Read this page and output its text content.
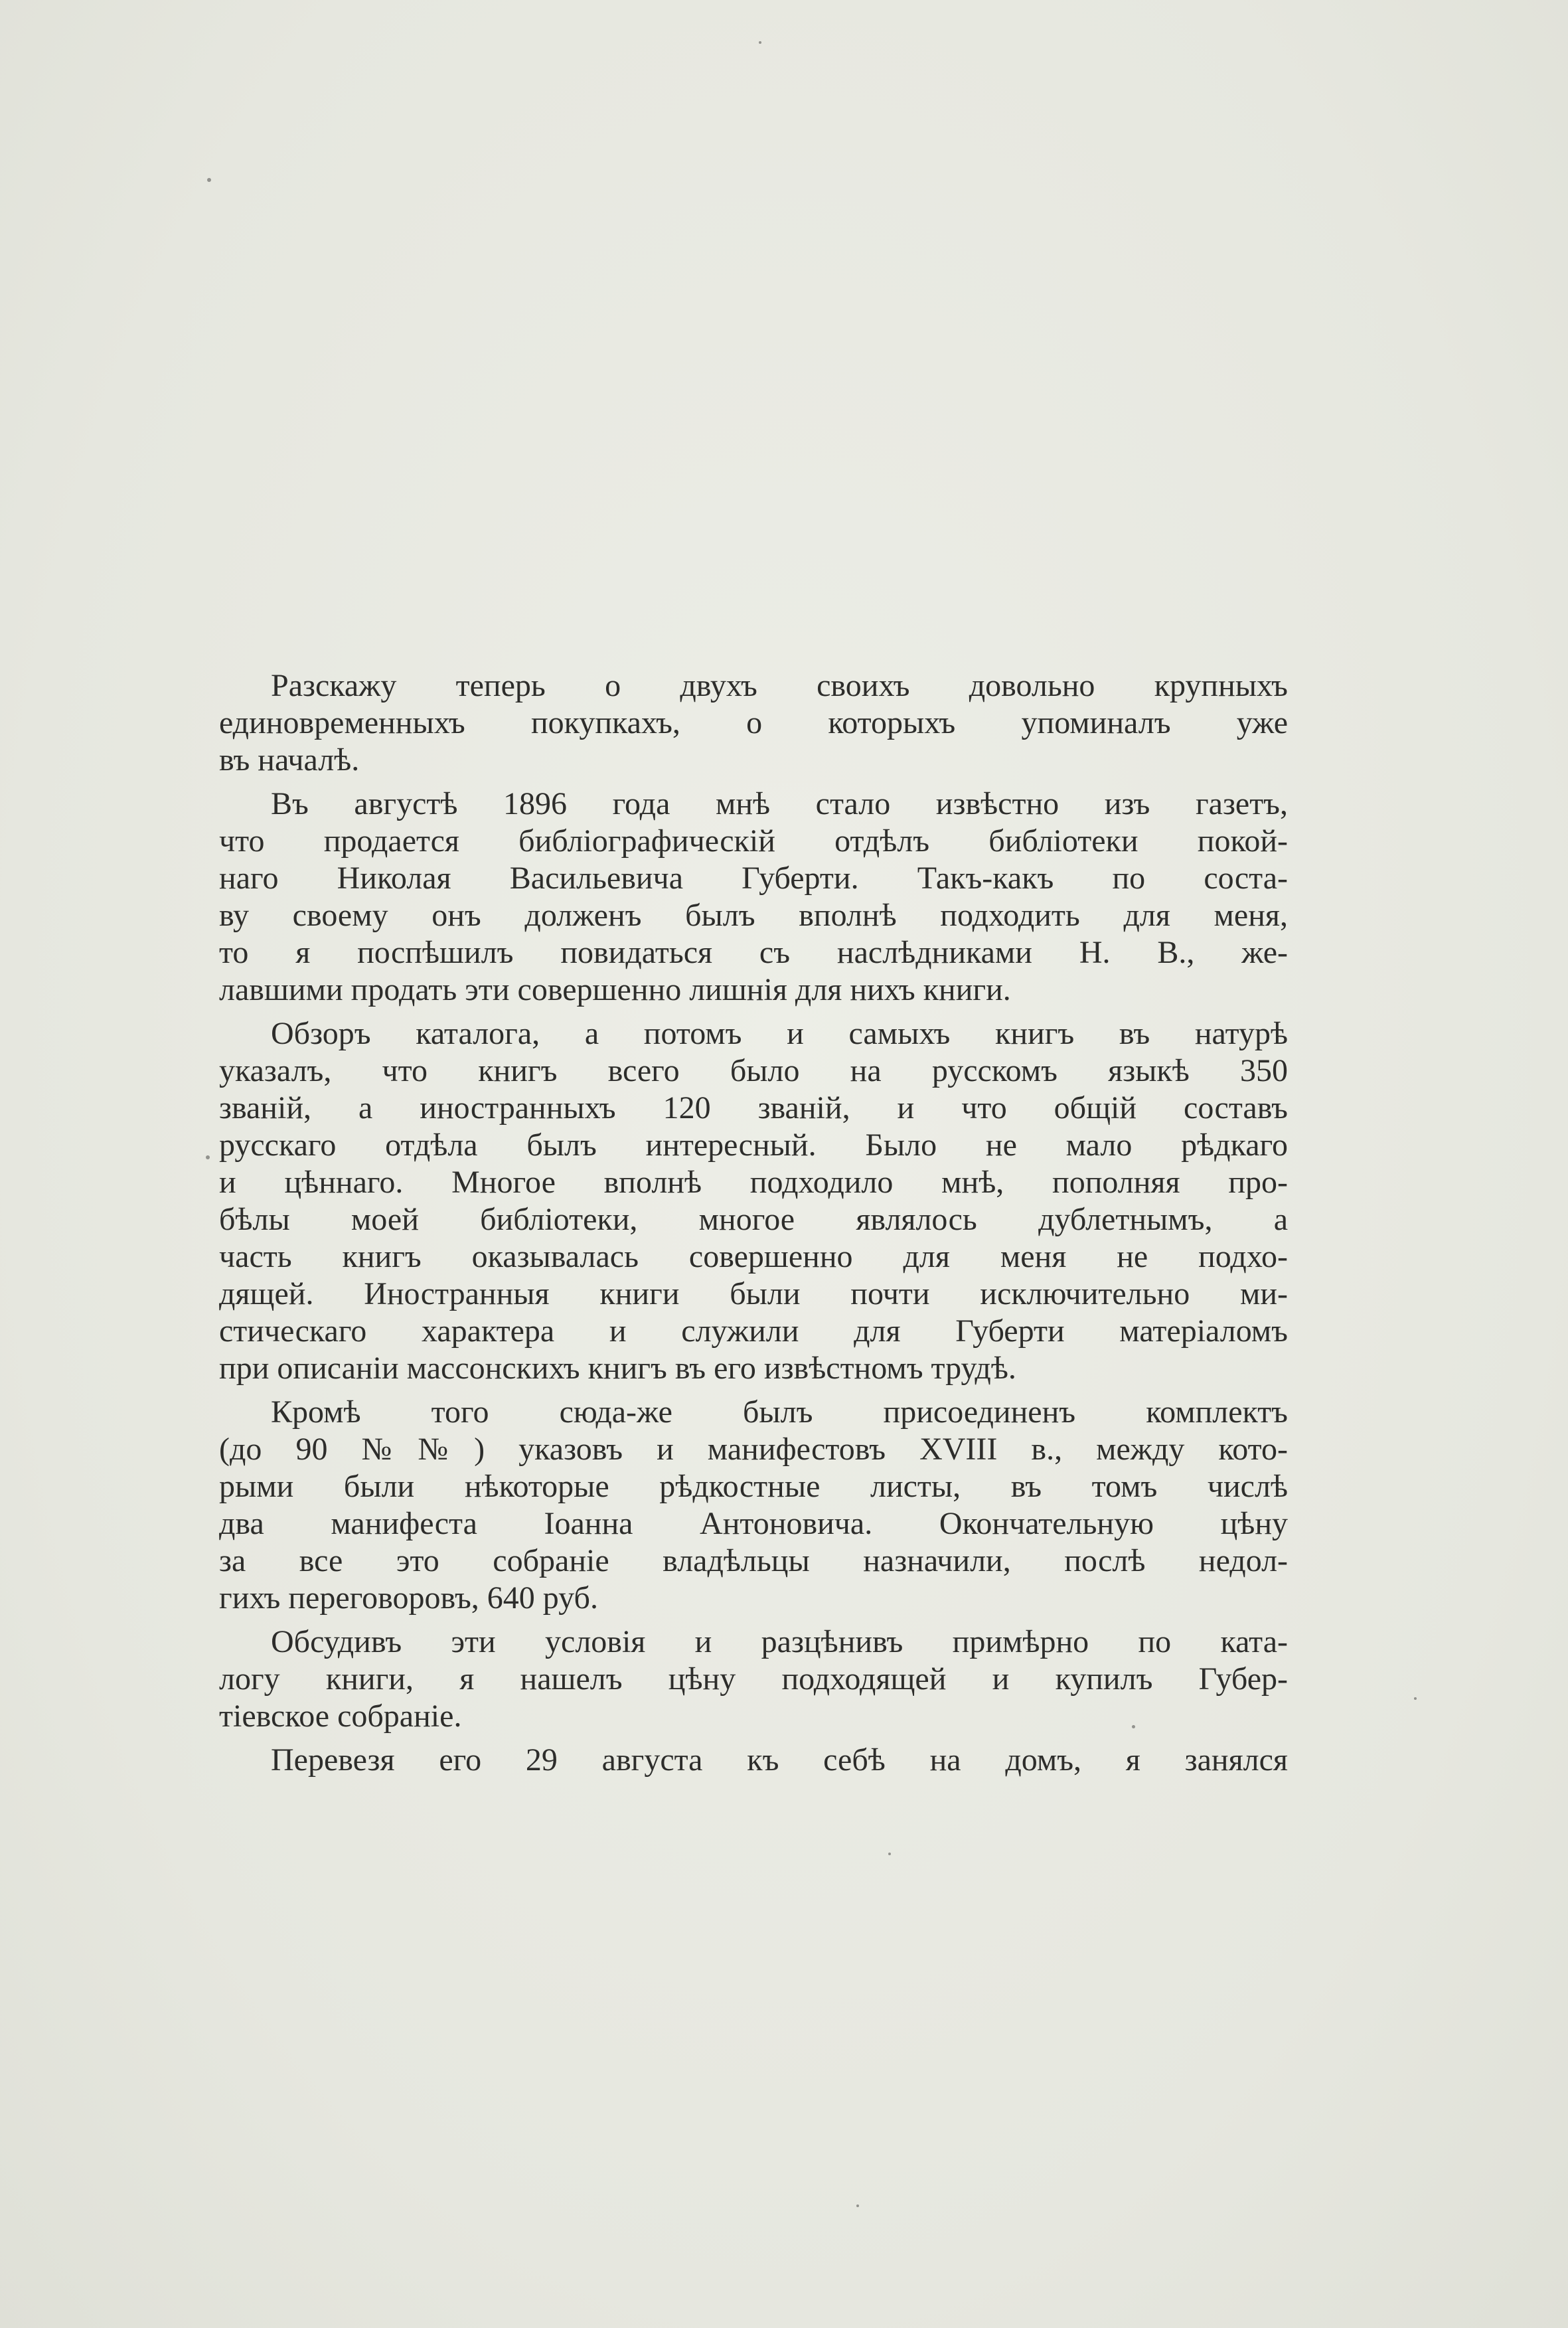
Разскажу теперь о двухъ своихъ довольно крупныхъ
единовременныхъ покупкахъ, о которыхъ упоминалъ уже
въ началѣ.

Въ августѣ 1896 года мнѣ стало извѣстно изъ газетъ,
что продается библiографическiй отдѣлъ библiотеки покой-
наго Николая Васильевича Губерти. Такъ-какъ по соста-
ву своему онъ долженъ былъ вполнѣ подходить для меня,
то я поспѣшилъ повидаться съ наслѣдниками Н. В., же-
лавшими продать эти совершенно лишнiя для нихъ книги.

Обзоръ каталога, а потомъ и самыхъ книгъ въ натурѣ
указалъ, что книгъ всего было на русскомъ языкѣ 350
званiй, а иностранныхъ 120 званiй, и что общiй составъ
русскаго отдѣла былъ интересный. Было не мало рѣдкаго
и цѣннаго. Многое вполнѣ подходило мнѣ, пополняя про-
бѣлы моей библiотеки, многое являлось дублетнымъ, а
часть книгъ оказывалась совершенно для меня не подхо-
дящей. Иностранныя книги были почти исключительно ми-
стическаго характера и служили для Губерти матерiаломъ
при описанiи массонскихъ книгъ въ его извѣстномъ трудѣ.

Кромѣ того сюда-же былъ присоединенъ комплектъ
(до 90 №№) указовъ и манифестовъ XVIII в., между кото-
рыми были нѣкоторые рѣдкостные листы, въ томъ числѣ
два манифеста Iоанна Антоновича. Окончательную цѣну
за все это собранiе владѣльцы назначили, послѣ недол-
гихъ переговоровъ, 640 руб.

Обсудивъ эти условiя и разцѣнивъ примѣрно по ката-
логу книги, я нашелъ цѣну подходящей и купилъ Губер-
тiевское собранiе.

Перевезя его 29 августа къ себѣ на домъ, я занялся
